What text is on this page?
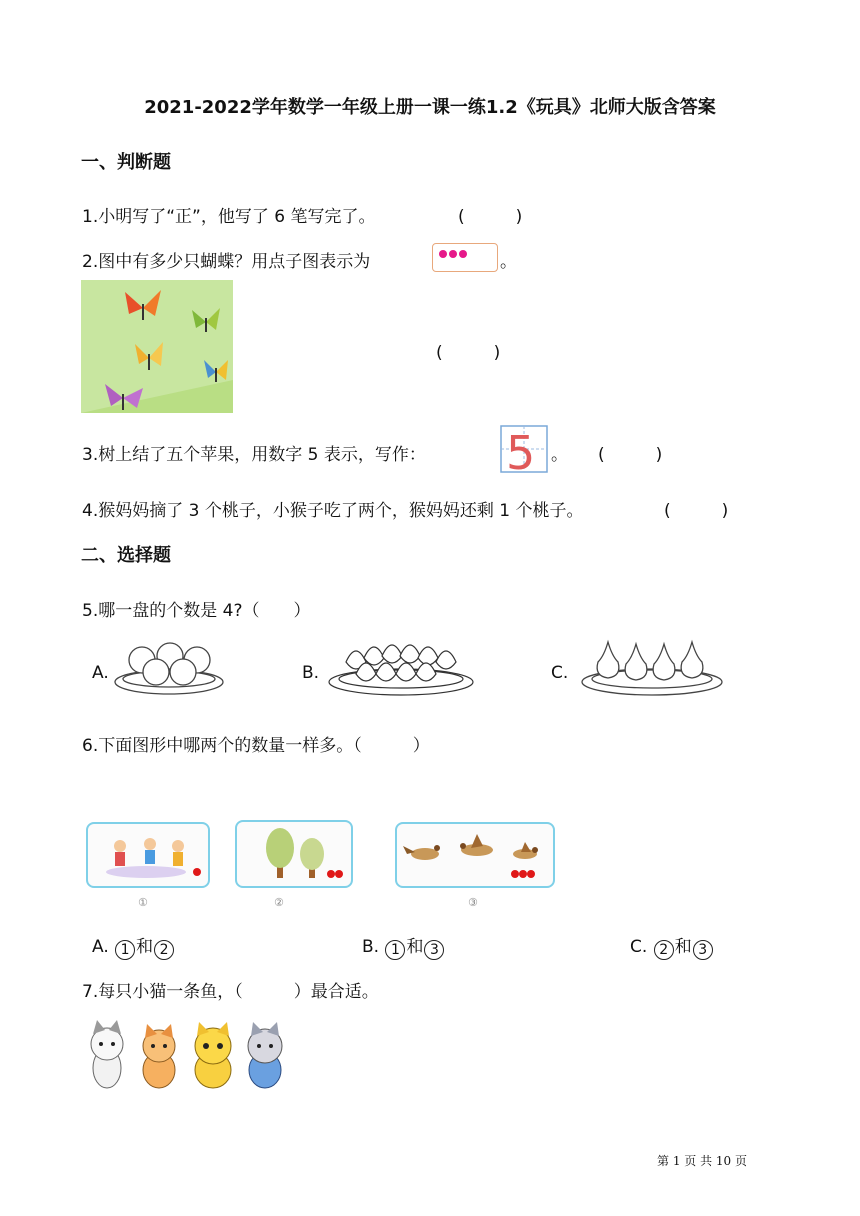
2021-2022学年数学一年级上册一课一练1.2《玩具》北师大版含答案
一、判断题
1.小明写了“正”，他写了 6 笔写完了。	(　　　)
2.图中有多少只蝴蝶？用点子图表示为	。
(　　　)
3.树上结了五个苹果，用数字 5 表示，写作： 5 。 (　　　)
4.猴妈妈摘了 3 个桃子，小猴子吃了两个，猴妈妈还剩 1 个桃子。	(　　　)
二、选择题
5.哪一盘的个数是 4?（　　）
A.	B.	C.
6.下面图形中哪两个的数量一样多。（　　　）
①	②	③
A. 1 和 2	B. 1 和 3	C. 2 和 3
7.每只小猫一条鱼，（　　　）最合适。
第 1 页 共 10 页
